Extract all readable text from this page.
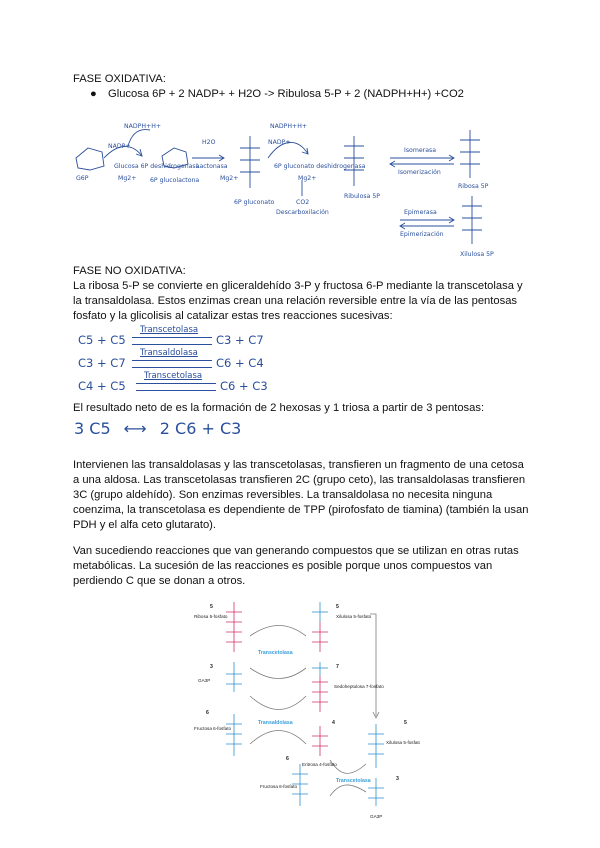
FASE OXIDATIVA:
● Glucosa 6P + 2 NADP+ + H2O -> Ribulosa 5-P + 2 (NADPH+H+) +CO2
G6P
NADPH+H+
NADP+
Glucosa 6P deshidrogenasa
Mg2+ 6P glucolactona
H2O
Lactonasa
Mg2+
6P gluconato
NADPH+H+
NADP+
6P gluconato deshidrogenasa
Mg2+
CO2
Descarboxilación
Ribulosa 5P
Isomerasa
Isomerización
Ribosa 5P
Epimerasa
Epimerización
Xilulosa 5P
FASE NO OXIDATIVA:
La ribosa 5-P se convierte en gliceraldehído 3-P y fructosa 6-P mediante la transcetolasa y
la transaldolasa. Estos enzimas crean una relación reversible entre la vía de las pentosas
fosfato y la glicolisis al catalizar estas tres reacciones sucesivas:
C5 + C5
Transcetolasa
C3 + C7
C3 + C7
Transaldolasa
C6 + C4
C4 + C5
Transcetolasa
C6 + C3
El resultado neto de es la formación de 2 hexosas y 1 triosa a partir de 3 pentosas:
3 C5 ⟷ 2 C6 + C3
Intervienen las transaldolasas y las transcetolasas, transfieren un fragmento de una cetosa
a una aldosa. Las transcetolasas transfieren 2C (grupo ceto), las transaldolasas transfieren
3C (grupo aldehído). Son enzimas reversibles. La transaldolasa no necesita ninguna
coenzima, la transcetolasa es dependiente de TPP (pirofosfato de tiamina) (también la usan
PDH y el alfa ceto glutarato).
Van sucediendo reacciones que van generando compuestos que se utilizan en otras rutas
metabólicas. La sucesión de las reacciones es posible porque unos compuestos van
perdiendo C que se donan a otros.
Ribosa 5-fosfato	Xilulosa 5-fosfato
GA3P
Sedoheptulosa 7-fosfato
Fructosa 6-fosfato
Eritrosa 4-fosfato
Xilulosa 5-fosfato
Fructosa 6-fosfato
GA3P
Transcetolasa
Transaldolasa
Transcetolasa
5	5
3	7
6
4	5
6
3
